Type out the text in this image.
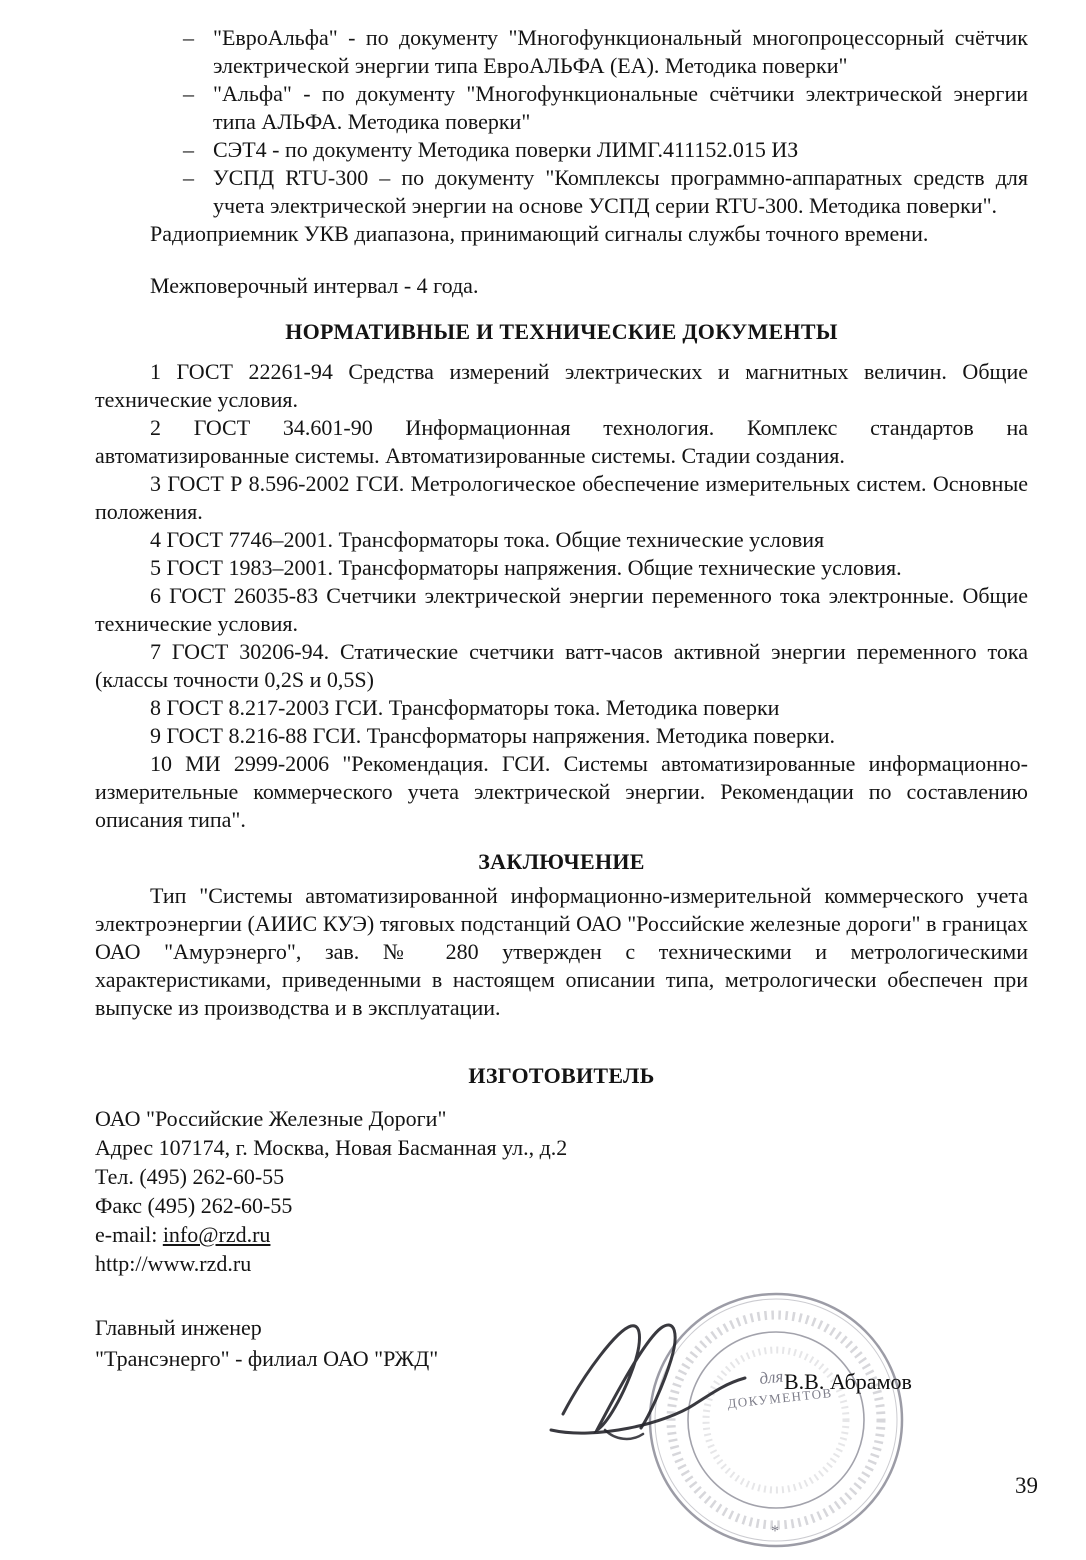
– "ЕвроАльфа" - по документу "Многофункциональный многопроцессорный счётчик электрической энергии типа ЕвроАЛЬФА (ЕА). Методика поверки"
– "Альфа" - по документу "Многофункциональные счётчики электрической энергии типа АЛЬФА. Методика поверки"
– СЭТ4 - по документу Методика поверки ЛИМГ.411152.015 ИЗ
– УСПД RTU-300 – по документу "Комплексы программно-аппаратных средств для учета электрической энергии на основе УСПД серии RTU-300. Методика поверки".

Радиоприемник УКВ диапазона, принимающий сигналы службы точного времени.

Межповерочный интервал - 4 года.

НОРМАТИВНЫЕ И ТЕХНИЧЕСКИЕ ДОКУМЕНТЫ

1 ГОСТ 22261-94 Средства измерений электрических и магнитных величин. Общие технические условия.

2 ГОСТ 34.601-90 Информационная технология. Комплекс стандартов на автоматизированные системы. Автоматизированные системы. Стадии создания.

3 ГОСТ Р 8.596-2002 ГСИ. Метрологическое обеспечение измерительных систем. Основные положения.

4 ГОСТ 7746–2001. Трансформаторы тока. Общие технические условия

5 ГОСТ 1983–2001. Трансформаторы напряжения. Общие технические условия.

6 ГОСТ 26035-83 Счетчики электрической энергии переменного тока электронные. Общие технические условия.

7 ГОСТ 30206-94. Статические счетчики ватт-часов активной энергии переменного тока (классы точности 0,2S и 0,5S)

8 ГОСТ 8.217-2003 ГСИ. Трансформаторы тока. Методика поверки

9 ГОСТ 8.216-88 ГСИ. Трансформаторы напряжения. Методика поверки.

10 МИ 2999-2006 "Рекомендация. ГСИ. Системы автоматизированные информационно-измерительные коммерческого учета электрической энергии. Рекомендации по составлению описания типа".

ЗАКЛЮЧЕНИЕ

Тип "Системы автоматизированной информационно-измерительной коммерческого учета электроэнергии (АИИС КУЭ) тяговых подстанций ОАО "Российские железные дороги" в границах ОАО "Амурэнерго", зав. № 280 утвержден с техническими и метрологическими характеристиками, приведенными в настоящем описании типа, метрологически обеспечен при выпуске из производства и в эксплуатации.

ИЗГОТОВИТЕЛЬ

ОАО "Российские Железные Дороги"

Адрес 107174, г. Москва, Новая Басманная ул., д.2

Тел. (495) 262-60-55

Факс (495) 262-60-55

e-mail: info@rzd.ru

http://www.rzd.ru

Главный инженер

"Трансэнерго" - филиал ОАО "РЖД"

для
ДОКУМЕНТОВ
*
В.В. Абрамов
39
